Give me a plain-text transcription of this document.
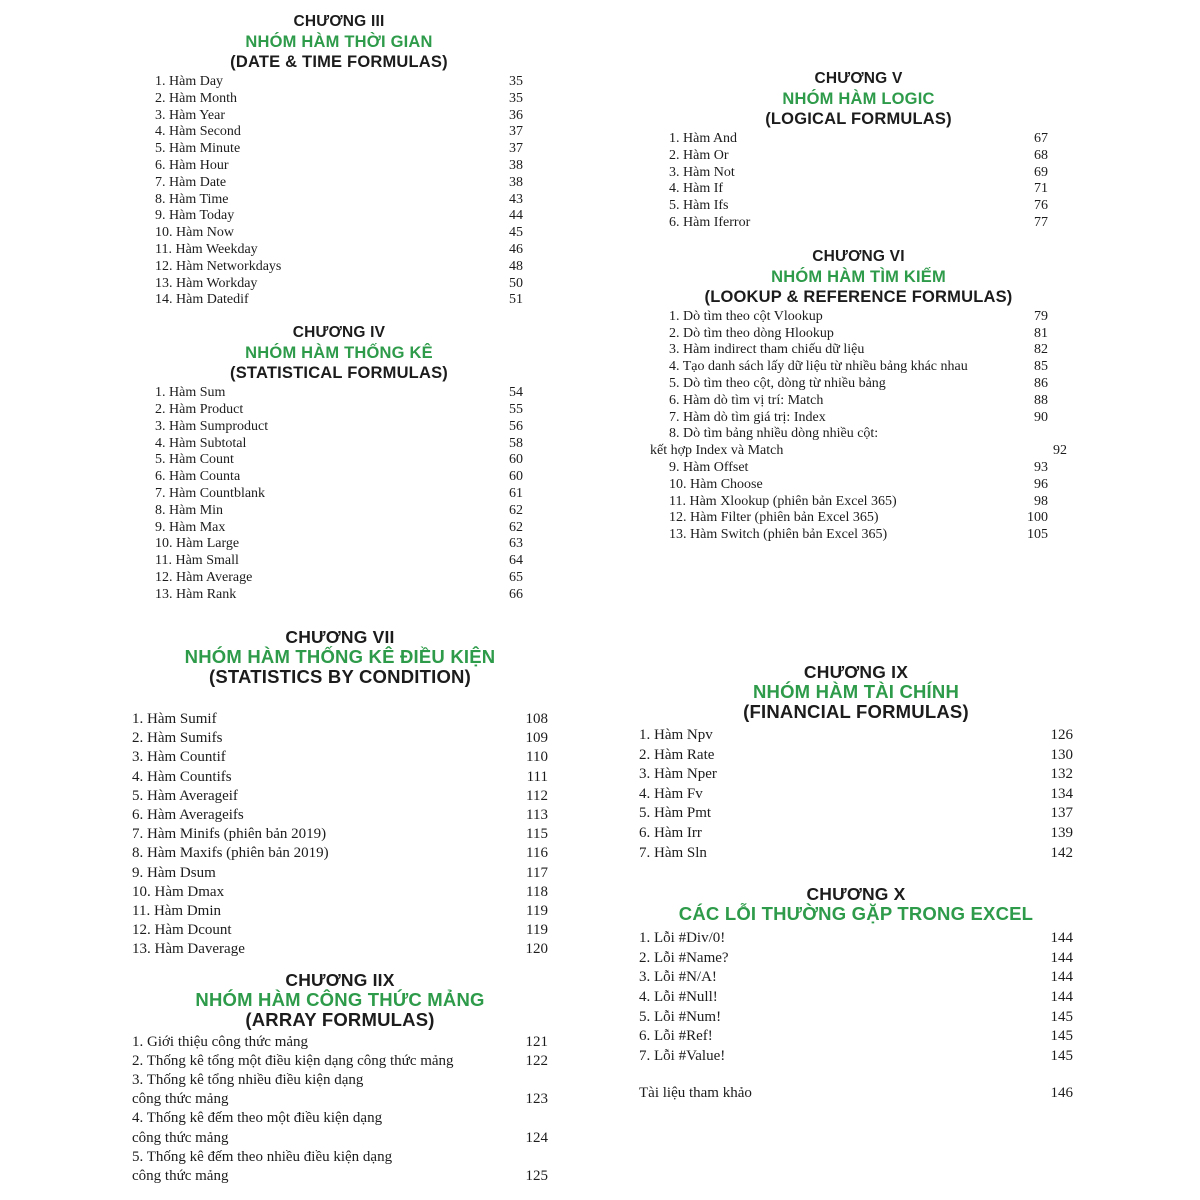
CHƯƠNG III
NHÓM HÀM THỜI GIAN
(DATE & TIME FORMULAS)
1. Hàm Day	35
2. Hàm Month	35
3. Hàm Year	36
4. Hàm Second	37
5. Hàm Minute	37
6. Hàm Hour	38
7. Hàm Date	38
8. Hàm Time	43
9. Hàm Today	44
10. Hàm Now	45
11. Hàm Weekday	46
12. Hàm Networkdays	48
13. Hàm Workday	50
14. Hàm Datedif	51
CHƯƠNG IV
NHÓM HÀM THỐNG KÊ
(STATISTICAL FORMULAS)
1. Hàm Sum	54
2. Hàm Product	55
3. Hàm Sumproduct	56
4. Hàm Subtotal	58
5. Hàm Count	60
6. Hàm Counta	60
7. Hàm Countblank	61
8. Hàm Min	62
9. Hàm Max	62
10. Hàm Large	63
11. Hàm Small	64
12. Hàm Average	65
13. Hàm Rank	66
CHƯƠNG V
NHÓM HÀM LOGIC
(LOGICAL FORMULAS)
1. Hàm And	67
2. Hàm Or	68
3. Hàm Not	69
4. Hàm If	71
5. Hàm Ifs	76
6. Hàm Iferror	77
CHƯƠNG VI
NHÓM HÀM TÌM KIẾM
(LOOKUP & REFERENCE FORMULAS)
1. Dò tìm theo cột Vlookup	79
2. Dò tìm theo dòng Hlookup	81
3. Hàm indirect tham chiếu dữ liệu	82
4. Tạo danh sách lấy dữ liệu từ nhiều bảng khác nhau	85
5. Dò tìm theo cột, dòng từ nhiều bảng	86
6. Hàm dò tìm vị trí: Match	88
7. Hàm dò tìm giá trị: Index	90
8. Dò tìm bảng nhiều dòng nhiều cột:
kết hợp Index và Match	92
9. Hàm Offset	93
10. Hàm Choose	96
11. Hàm Xlookup (phiên bản Excel 365)	98
12. Hàm Filter (phiên bản Excel 365)	100
13. Hàm Switch (phiên bản Excel 365)	105
CHƯƠNG VII
NHÓM HÀM THỐNG KÊ ĐIỀU KIỆN
(STATISTICS BY CONDITION)
1. Hàm Sumif	108
2. Hàm Sumifs	109
3. Hàm Countif	110
4. Hàm Countifs	111
5. Hàm Averageif	112
6. Hàm Averageifs	113
7. Hàm Minifs (phiên bản 2019)	115
8. Hàm Maxifs (phiên bản 2019)	116
9. Hàm Dsum	117
10. Hàm Dmax	118
11. Hàm Dmin	119
12. Hàm Dcount	119
13. Hàm Daverage	120
CHƯƠNG IIX
NHÓM HÀM CÔNG THỨC MẢNG
(ARRAY FORMULAS)
1. Giới thiệu công thức mảng	121
2. Thống kê tổng một điều kiện dạng công thức mảng	122
3. Thống kê tổng nhiều điều kiện dạng
công thức mảng	123
4. Thống kê đếm theo một điều kiện dạng
công thức mảng	124
5. Thống kê đếm theo nhiều điều kiện dạng
công thức mảng	125
CHƯƠNG IX
NHÓM HÀM TÀI CHÍNH
(FINANCIAL FORMULAS)
1. Hàm Npv	126
2. Hàm Rate	130
3. Hàm Nper	132
4. Hàm Fv	134
5. Hàm Pmt	137
6. Hàm Irr	139
7. Hàm Sln	142
CHƯƠNG X
CÁC LỖI THƯỜNG GẶP TRONG EXCEL
1. Lỗi #Div/0!	144
2. Lỗi #Name?	144
3. Lỗi #N/A!	144
4. Lỗi #Null!	144
5. Lỗi #Num!	145
6. Lỗi #Ref!	145
7. Lỗi #Value!	145
Tài liệu tham khảo	146
